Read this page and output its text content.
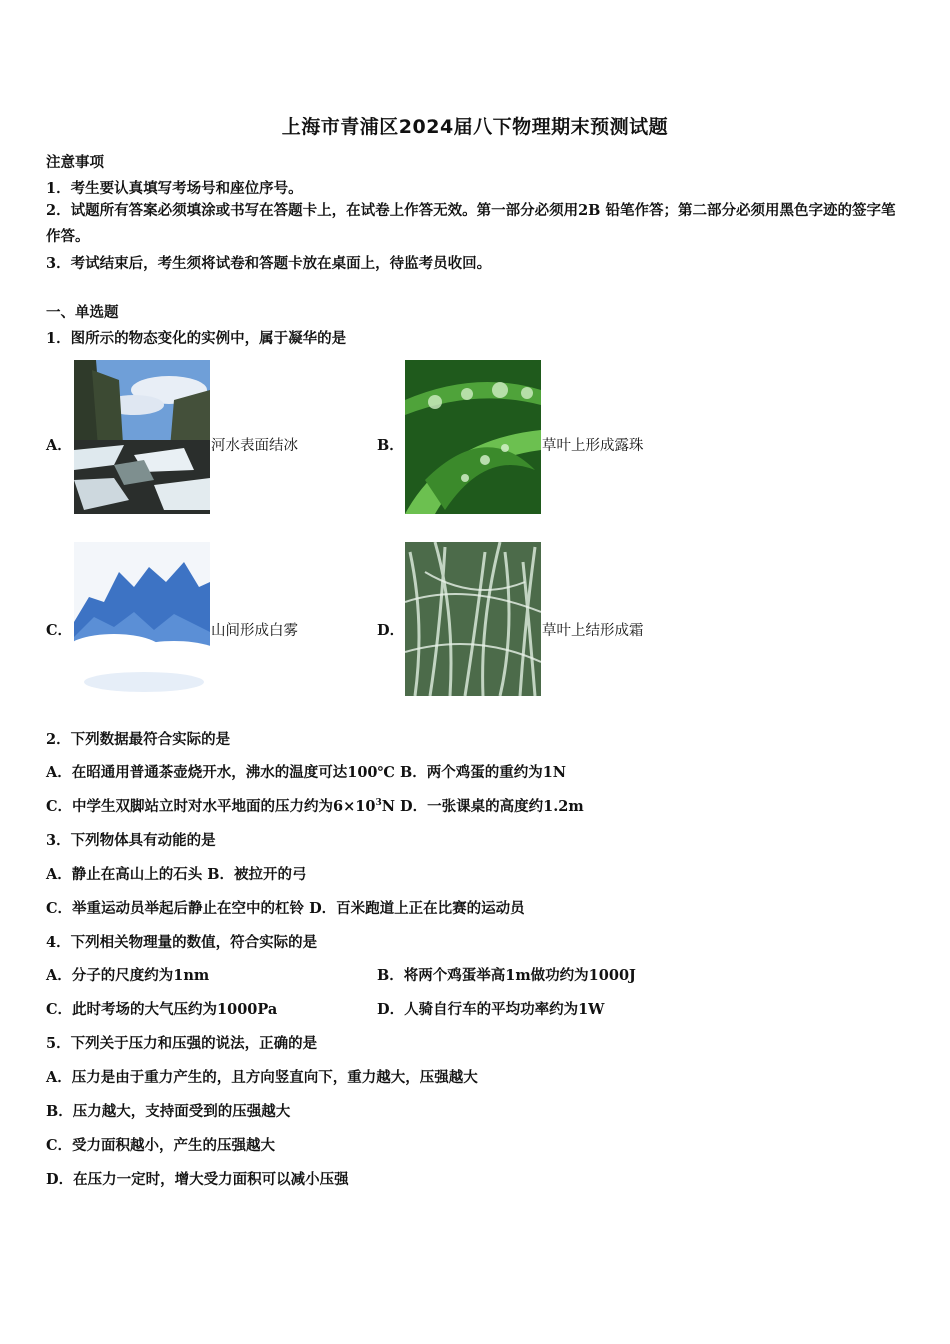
上海市青浦区2024届八下物理期末预测试题
注意事项
1．考生要认真填写考场号和座位序号。
2．试题所有答案必须填涂或书写在答题卡上，在试卷上作答无效。第一部分必须用2B 铅笔作答；第二部分必须用黑色字迹的签字笔作答。
3．考试结束后，考生须将试卷和答题卡放在桌面上，待监考员收回。
一、单选题
1．图所示的物态变化的实例中，属于凝华的是
A．	河水表面结冰	B．	草叶上形成露珠
C．	山间形成白雾	D．	草叶上结形成霜
2．下列数据最符合实际的是
A．在昭通用普通茶壶烧开水，沸水的温度可达100℃ B．两个鸡蛋的重约为1N
C．中学生双脚站立时对水平地面的压力约为$6\times 10^3N$ D．一张课桌的高度约1.2m
3．下列物体具有动能的是
A．静止在高山上的石头 B．被拉开的弓
C．举重运动员举起后静止在空中的杠铃 D．百米跑道上正在比赛的运动员
4．下列相关物理量的数值，符合实际的是
A．分子的尺度约为1nm	B．将两个鸡蛋举高1m做功约为1000J
C．此时考场的大气压约为1000Pa	D．人骑自行车的平均功率约为1W
5．下列关于压力和压强的说法，正确的是
A．压力是由于重力产生的，且方向竖直向下，重力越大，压强越大
B．压力越大，支持面受到的压强越大
C．受力面积越小，产生的压强越大
D．在压力一定时，增大受力面积可以减小压强
